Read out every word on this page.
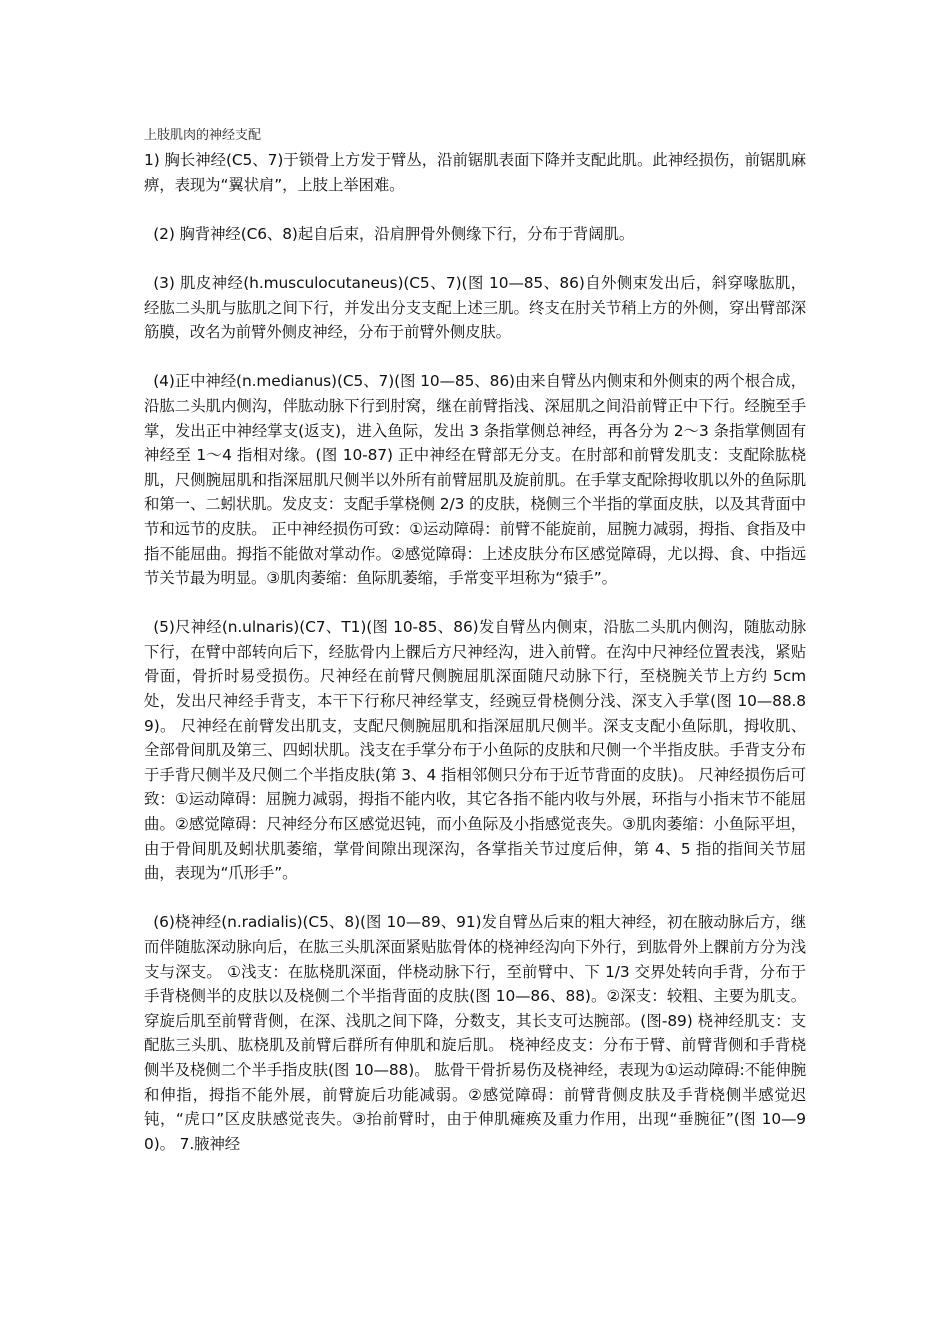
上肢肌肉的神经支配

1) 胸长神经(C5、7)于锁骨上方发于臂丛，沿前锯肌表面下降并支配此肌。此神经损伤，前锯肌麻痹，表现为“翼状肩”，上肢上举困难。

(2) 胸背神经(C6、8)起自后束，沿肩胛骨外侧缘下行，分布于背阔肌。

(3) 肌皮神经(h.musculocutaneus)(C5、7)(图 10—85、86)自外侧束发出后，斜穿喙肱肌，经肱二头肌与肱肌之间下行，并发出分支支配上述三肌。终支在肘关节稍上方的外侧，穿出臂部深筋膜，改名为前臂外侧皮神经，分布于前臂外侧皮肤。

(4)正中神经(n.medianus)(C5、7)(图 10—85、86)由来自臂丛内侧束和外侧束的两个根合成，沿肱二头肌内侧沟，伴肱动脉下行到肘窝，继在前臂指浅、深屈肌之间沿前臂正中下行。经腕至手掌，发出正中神经掌支(返支)，进入鱼际，发出 3 条指掌侧总神经，再各分为 2～3 条指掌侧固有神经至 1～4 指相对缘。(图 10-87) 正中神经在臂部无分支。在肘部和前臂发肌支：支配除肱桡肌，尺侧腕屈肌和指深屈肌尺侧半以外所有前臂屈肌及旋前肌。在手掌支配除拇收肌以外的鱼际肌和第一、二蚓状肌。发皮支：支配手掌桡侧 2/3 的皮肤，桡侧三个半指的掌面皮肤，以及其背面中节和远节的皮肤。 正中神经损伤可致：①运动障碍：前臂不能旋前，屈腕力减弱，拇指、食指及中指不能屈曲。拇指不能做对掌动作。②感觉障碍：上述皮肤分布区感觉障碍，尤以拇、食、中指远节关节最为明显。③肌肉萎缩：鱼际肌萎缩，手常变平坦称为“猿手”。

(5)尺神经(n.ulnaris)(C7、T1)(图 10-85、86)发自臂丛内侧束，沿肱二头肌内侧沟，随肱动脉下行，在臂中部转向后下，经肱骨内上髁后方尺神经沟，进入前臂。在沟中尺神经位置表浅，紧贴骨面，骨折时易受损伤。尺神经在前臂尺侧腕屈肌深面随尺动脉下行，至桡腕关节上方约 5cm 处，发出尺神经手背支，本干下行称尺神经掌支，经豌豆骨桡侧分浅、深支入手掌(图 10—88.89)。 尺神经在前臂发出肌支，支配尺侧腕屈肌和指深屈肌尺侧半。深支支配小鱼际肌，拇收肌、全部骨间肌及第三、四蚓状肌。浅支在手掌分布于小鱼际的皮肤和尺侧一个半指皮肤。手背支分布于手背尺侧半及尺侧二个半指皮肤(第 3、4 指相邻侧只分布于近节背面的皮肤)。 尺神经损伤后可致：①运动障碍：屈腕力减弱，拇指不能内收，其它各指不能内收与外展，环指与小指末节不能屈曲。②感觉障碍：尺神经分布区感觉迟钝，而小鱼际及小指感觉丧失。③肌肉萎缩：小鱼际平坦，由于骨间肌及蚓状肌萎缩，掌骨间隙出现深沟，各掌指关节过度后伸，第 4、5 指的指间关节屈曲，表现为“爪形手”。

(6)桡神经(n.radialis)(C5、8)(图 10—89、91)发自臂丛后束的粗大神经，初在腋动脉后方，继而伴随肱深动脉向后，在肱三头肌深面紧贴肱骨体的桡神经沟向下外行，到肱骨外上髁前方分为浅支与深支。 ①浅支：在肱桡肌深面，伴桡动脉下行，至前臂中、下 1/3 交界处转向手背，分布于手背桡侧半的皮肤以及桡侧二个半指背面的皮肤(图 10—86、88)。②深支：较粗、主要为肌支。穿旋后肌至前臂背侧，在深、浅肌之间下降，分数支，其长支可达腕部。(图-89) 桡神经肌支：支配肱三头肌、肱桡肌及前臂后群所有伸肌和旋后肌。 桡神经皮支：分布于臂、前臂背侧和手背桡侧半及桡侧二个半手指皮肤(图 10—88)。 肱骨干骨折易伤及桡神经，表现为①运动障碍:不能伸腕和伸指，拇指不能外展，前臂旋后功能减弱。②感觉障碍：前臂背侧皮肤及手背桡侧半感觉迟钝，“虎口”区皮肤感觉丧失。③抬前臂时，由于伸肌瘫痪及重力作用，出现“垂腕征”(图 10—90)。 7.腋神经
